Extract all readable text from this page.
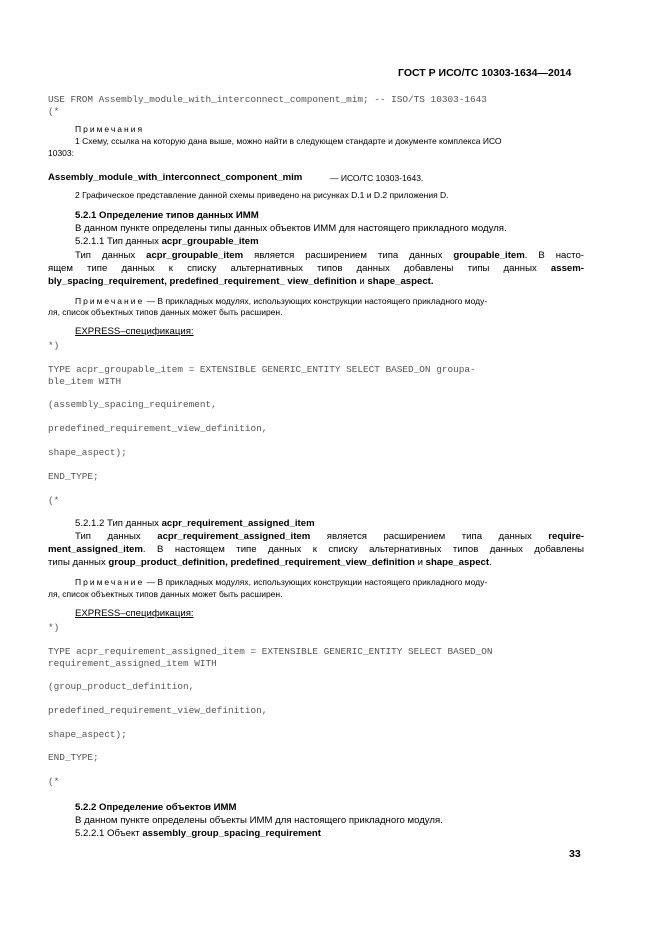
ГОСТ Р ИСО/ТС 10303-1634—2014
USE FROM Assembly_module_with_interconnect_component_mim; -- ISO/TS 10303-1643
(*
Примечания
1 Схему, ссылка на которую дана выше, можно найти в следующем стандарте и документе комплекса ИСО
10303:
Assembly_module_with_interconnect_component_mim	— ИСО/ТС 10303-1643.
2 Графическое представление данной схемы приведено на рисунках D.1 и D.2 приложения D.
5.2.1 Определение типов данных ИММ
В данном пункте определены типы данных объектов ИММ для настоящего прикладного модуля.
5.2.1.1 Тип данных acpr_groupable_item
Тип данных acpr_groupable_item является расширением типа данных groupable_item. В насто-
ящем типе данных к списку альтернативных типов данных добавлены типы данных assem-
bly_spacing_requirement, predefined_requirement_ view_definition и shape_aspect.
Примечание — В прикладных модулях, использующих конструкции настоящего прикладного моду-
ля, список объектных типов данных может быть расширен.
EXPRESS–спецификация:
*)
TYPE acpr_groupable_item = EXTENSIBLE GENERIC_ENTITY SELECT BASED_ON groupa-
ble_item WITH
(assembly_spacing_requirement,
predefined_requirement_view_definition,
shape_aspect);
END_TYPE;
(*
5.2.1.2 Тип данных acpr_requirement_assigned_item
Тип данных acpr_requirement_assigned_item является расширением типа данных require-
ment_assigned_item. В настоящем типе данных к списку альтернативных типов данных добавлены
типы данных group_product_definition, predefined_requirement_view_definition и shape_aspect.
Примечание — В прикладных модулях, использующих конструкции настоящего прикладного моду-
ля, список объектных типов данных может быть расширен.
EXPRESS–спецификация:
*)
TYPE acpr_requirement_assigned_item = EXTENSIBLE GENERIC_ENTITY SELECT BASED_ON
requirement_assigned_item WITH
(group_product_definition,
predefined_requirement_view_definition,
shape_aspect);
END_TYPE;
(*
5.2.2 Определение объектов ИММ
В данном пункте определены объекты ИММ для настоящего прикладного модуля.
5.2.2.1 Объект assembly_group_spacing_requirement
33
